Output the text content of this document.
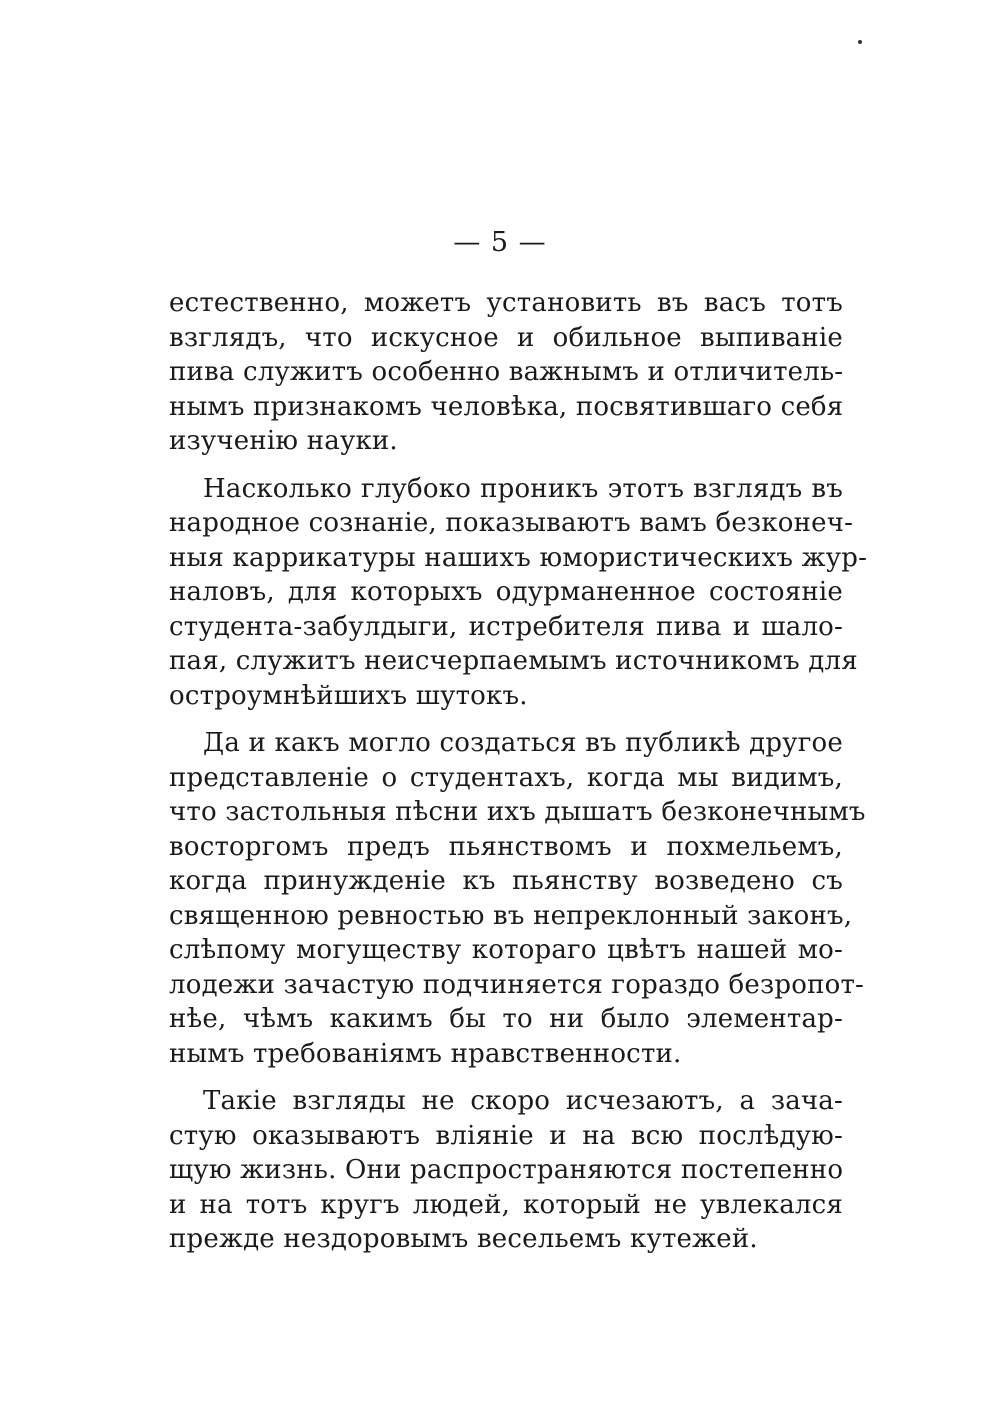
— 5 —
естественно, можетъ установить въ васъ тотъ
взглядъ, что искусное и обильное выпиванiе
пива служитъ особенно важнымъ и отличитель-
нымъ признакомъ человѣка, посвятившаго себя
изученiю науки.
Насколько глубоко проникъ этотъ взглядъ въ
народное сознанiе, показываютъ вамъ безконеч-
ныя каррикатуры нашихъ юмористическихъ жур-
наловъ, для которыхъ одурманенное состоянiе
студента-забулдыги, истребителя пива и шало-
пая, служитъ неисчерпаемымъ источникомъ для
остроумнѣйшихъ шутокъ.
Да и какъ могло создаться въ публикѣ другое
представленiе о студентахъ, когда мы видимъ,
что застольныя пѣсни ихъ дышатъ безконечнымъ
восторгомъ предъ пьянствомъ и похмельемъ,
когда принужденiе къ пьянству возведено съ
священною ревностью въ непреклонный законъ,
слѣпому могуществу котораго цвѣтъ нашей мо-
лодежи зачастую подчиняется гораздо безропот-
нѣе, чѣмъ какимъ бы то ни было элементар-
нымъ требованiямъ нравственности.
Такiе взгляды не скоро исчезаютъ, а зача-
стую оказываютъ влiянiе и на всю послѣдую-
щую жизнь. Они распространяются постепенно
и на тотъ кругъ людей, который не увлекался
прежде нездоровымъ весельемъ кутежей.
